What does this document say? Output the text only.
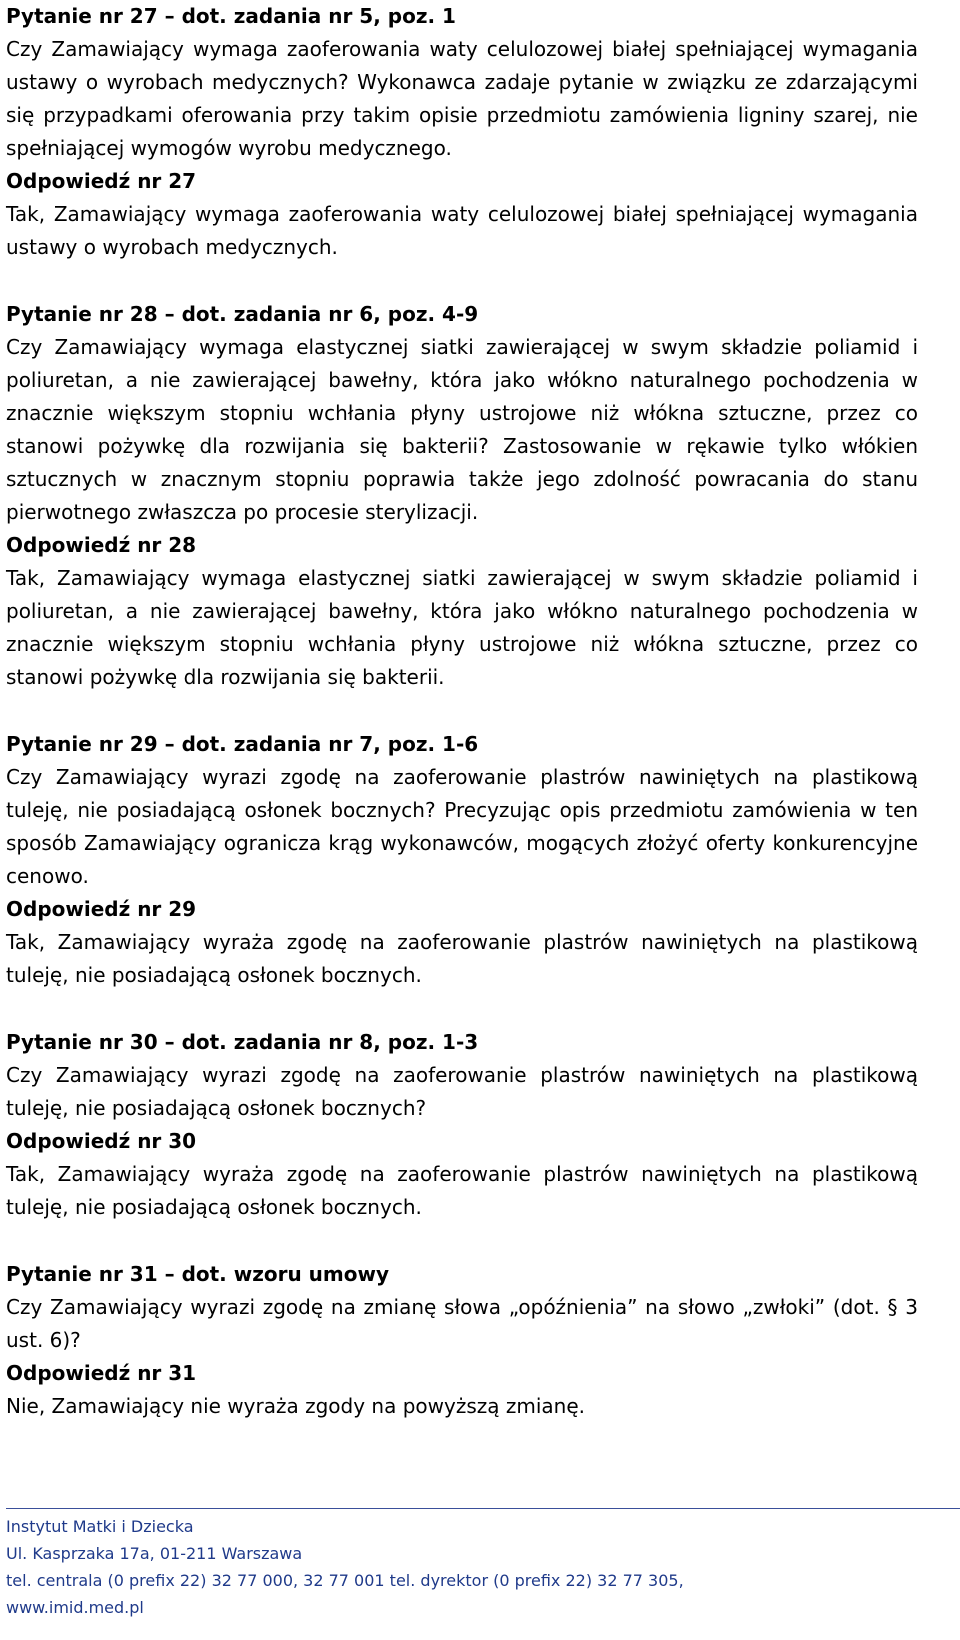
Pytanie nr 27 – dot. zadania nr 5, poz. 1

Czy Zamawiający wymaga zaoferowania waty celulozowej białej spełniającej wymagania ustawy o wyrobach medycznych? Wykonawca zadaje pytanie w związku ze zdarzającymi się przypadkami oferowania przy takim opisie przedmiotu zamówienia ligniny szarej, nie spełniającej wymogów wyrobu medycznego.

Odpowiedź nr 27

Tak, Zamawiający wymaga zaoferowania waty celulozowej białej spełniającej wymagania ustawy o wyrobach medycznych.

Pytanie nr 28 – dot. zadania nr 6, poz. 4-9

Czy Zamawiający wymaga elastycznej siatki zawierającej w swym składzie poliamid i poliuretan, a nie zawierającej bawełny, która jako włókno naturalnego pochodzenia w znacznie większym stopniu wchłania płyny ustrojowe niż włókna sztuczne, przez co stanowi pożywkę dla rozwijania się bakterii? Zastosowanie w rękawie tylko włókien sztucznych w znacznym stopniu poprawia także jego zdolność powracania do stanu pierwotnego zwłaszcza po procesie sterylizacji.

Odpowiedź nr 28

Tak, Zamawiający wymaga elastycznej siatki zawierającej w swym składzie poliamid i poliuretan, a nie zawierającej bawełny, która jako włókno naturalnego pochodzenia w znacznie większym stopniu wchłania płyny ustrojowe niż włókna sztuczne, przez co stanowi pożywkę dla rozwijania się bakterii.

Pytanie nr 29 – dot. zadania nr 7, poz. 1-6

Czy Zamawiający wyrazi zgodę na zaoferowanie plastrów nawiniętych na plastikową tuleję, nie posiadającą osłonek bocznych? Precyzując opis przedmiotu zamówienia w ten sposób Zamawiający ogranicza krąg wykonawców, mogących złożyć oferty konkurencyjne cenowo.

Odpowiedź nr 29

Tak, Zamawiający wyraża zgodę na zaoferowanie plastrów nawiniętych na plastikową tuleję, nie posiadającą osłonek bocznych.

Pytanie nr 30 – dot. zadania nr 8, poz. 1-3

Czy Zamawiający wyrazi zgodę na zaoferowanie plastrów nawiniętych na plastikową tuleję, nie posiadającą osłonek bocznych?

Odpowiedź nr 30

Tak, Zamawiający wyraża zgodę na zaoferowanie plastrów nawiniętych na plastikową tuleję, nie posiadającą osłonek bocznych.

Pytanie nr 31 – dot. wzoru umowy

Czy Zamawiający wyrazi zgodę na zmianę słowa „opóźnienia” na słowo „zwłoki” (dot. § 3 ust. 6)?

Odpowiedź nr 31

Nie, Zamawiający nie wyraża zgody na powyższą zmianę.

Instytut Matki i Dziecka
Ul. Kasprzaka 17a, 01-211 Warszawa
tel. centrala (0 prefix 22) 32 77 000, 32 77 001 tel. dyrektor (0 prefix 22) 32 77 305,
www.imid.med.pl
